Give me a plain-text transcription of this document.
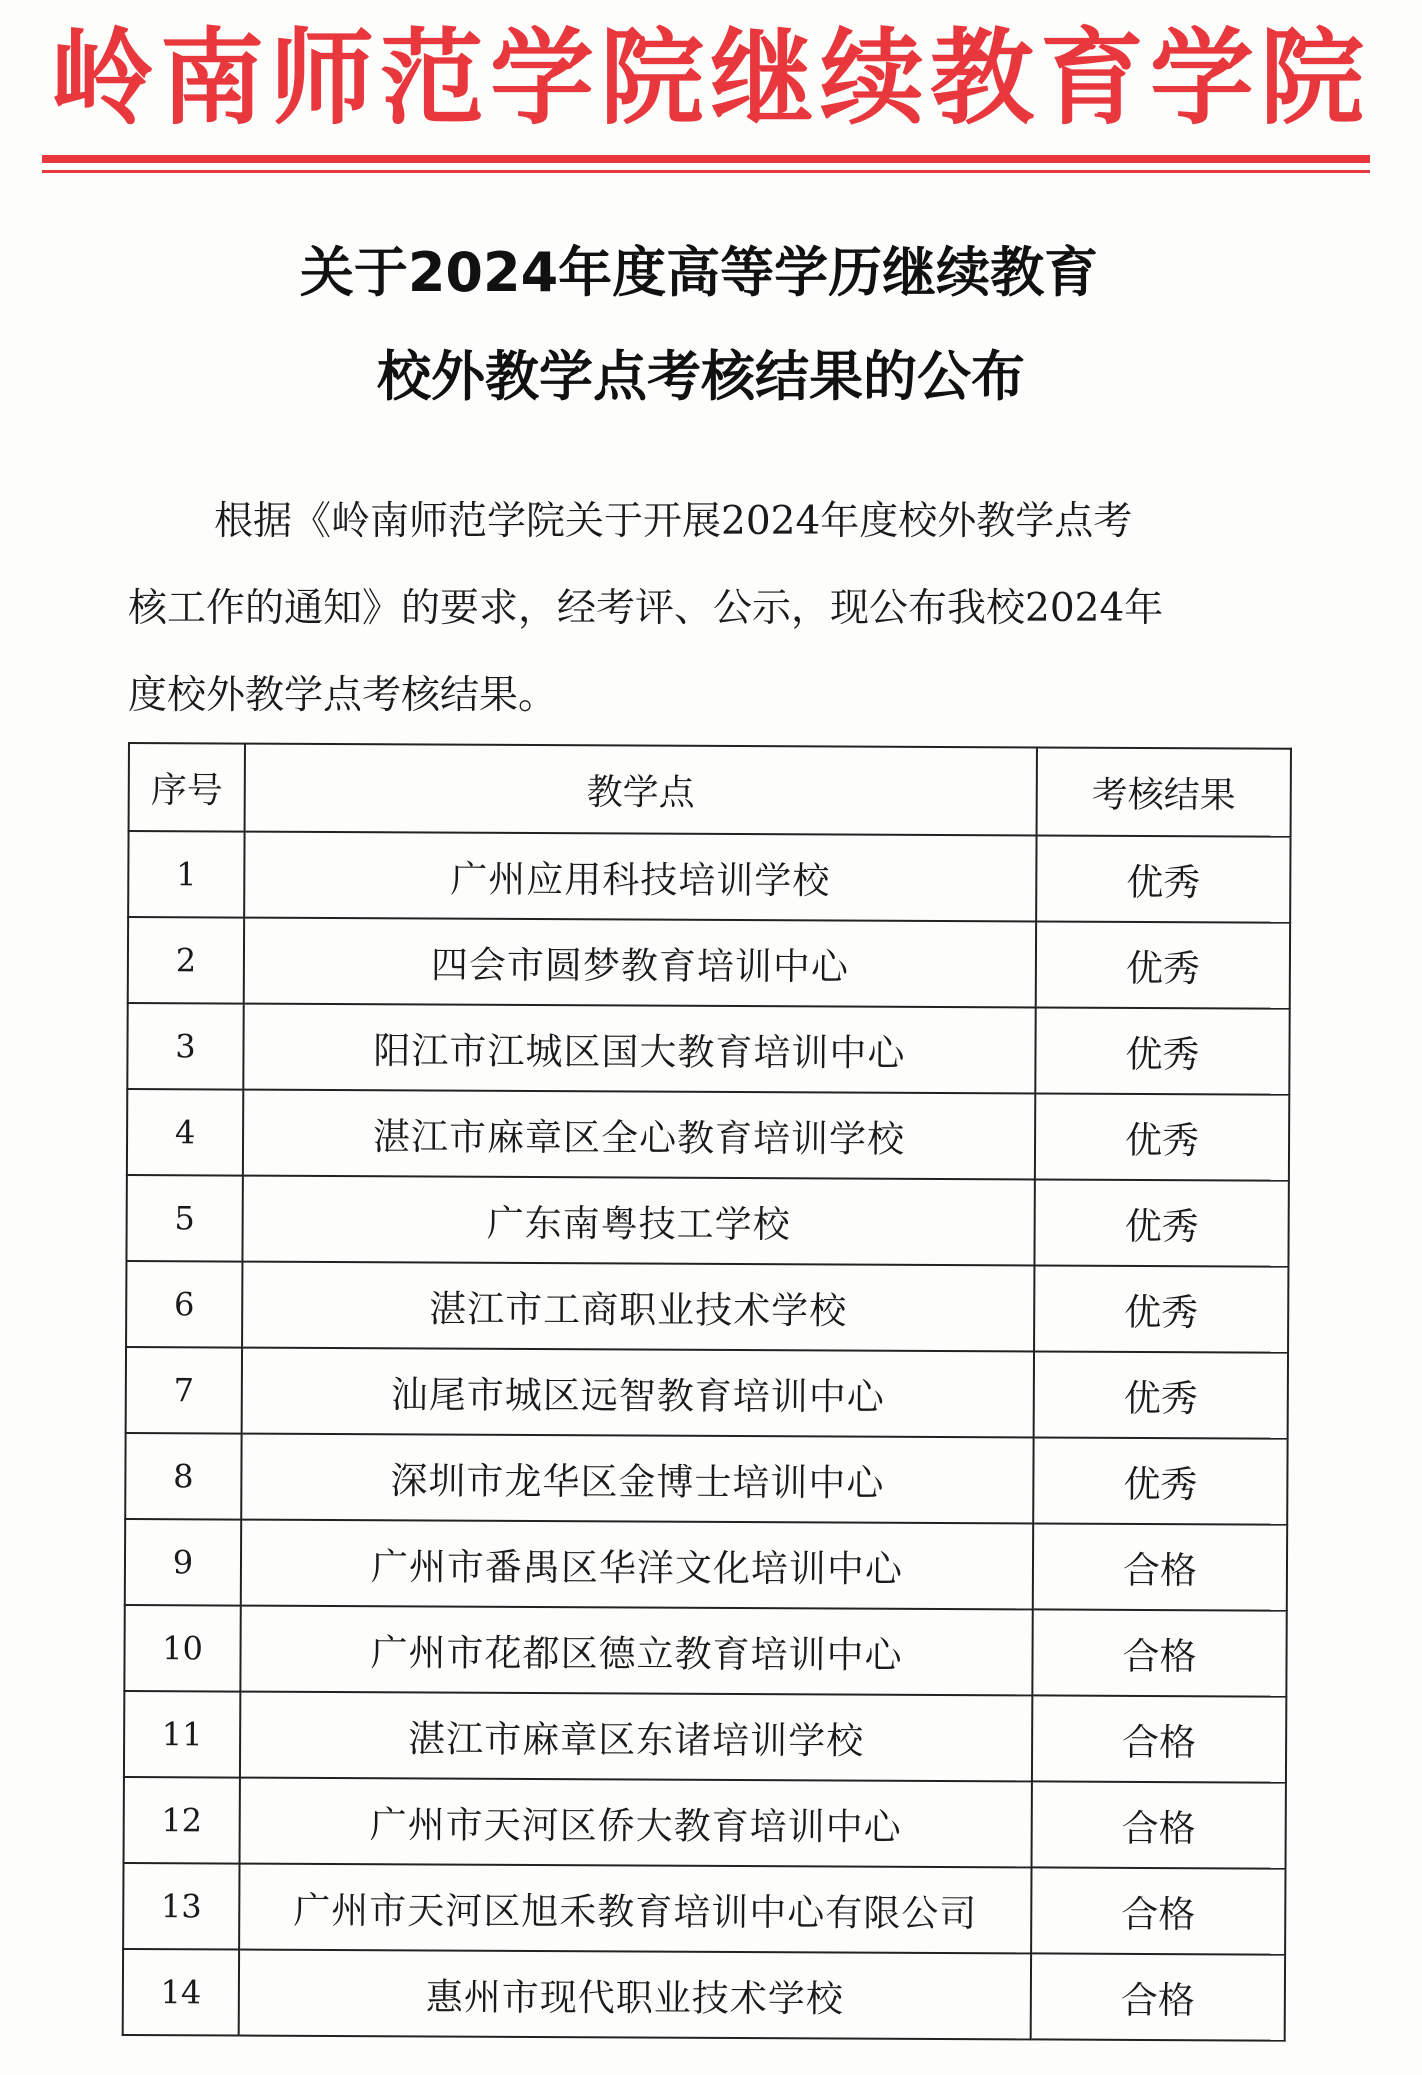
岭南师范学院继续教育学院
关于2024年度高等学历继续教育
校外教学点考核结果的公布
根据《岭南师范学院关于开展2024年度校外教学点考
核工作的通知》的要求，经考评、公示，现公布我校2024年
度校外教学点考核结果。
序号	教学点	考核结果
1	广州应用科技培训学校	优秀
2	四会市圆梦教育培训中心	优秀
3	阳江市江城区国大教育培训中心	优秀
4	湛江市麻章区全心教育培训学校	优秀
5	广东南粤技工学校	优秀
6	湛江市工商职业技术学校	优秀
7	汕尾市城区远智教育培训中心	优秀
8	深圳市龙华区金博士培训中心	优秀
9	广州市番禺区华洋文化培训中心	合格
10	广州市花都区德立教育培训中心	合格
11	湛江市麻章区东诸培训学校	合格
12	广州市天河区侨大教育培训中心	合格
13	广州市天河区旭禾教育培训中心有限公司	合格
14	惠州市现代职业技术学校	合格
